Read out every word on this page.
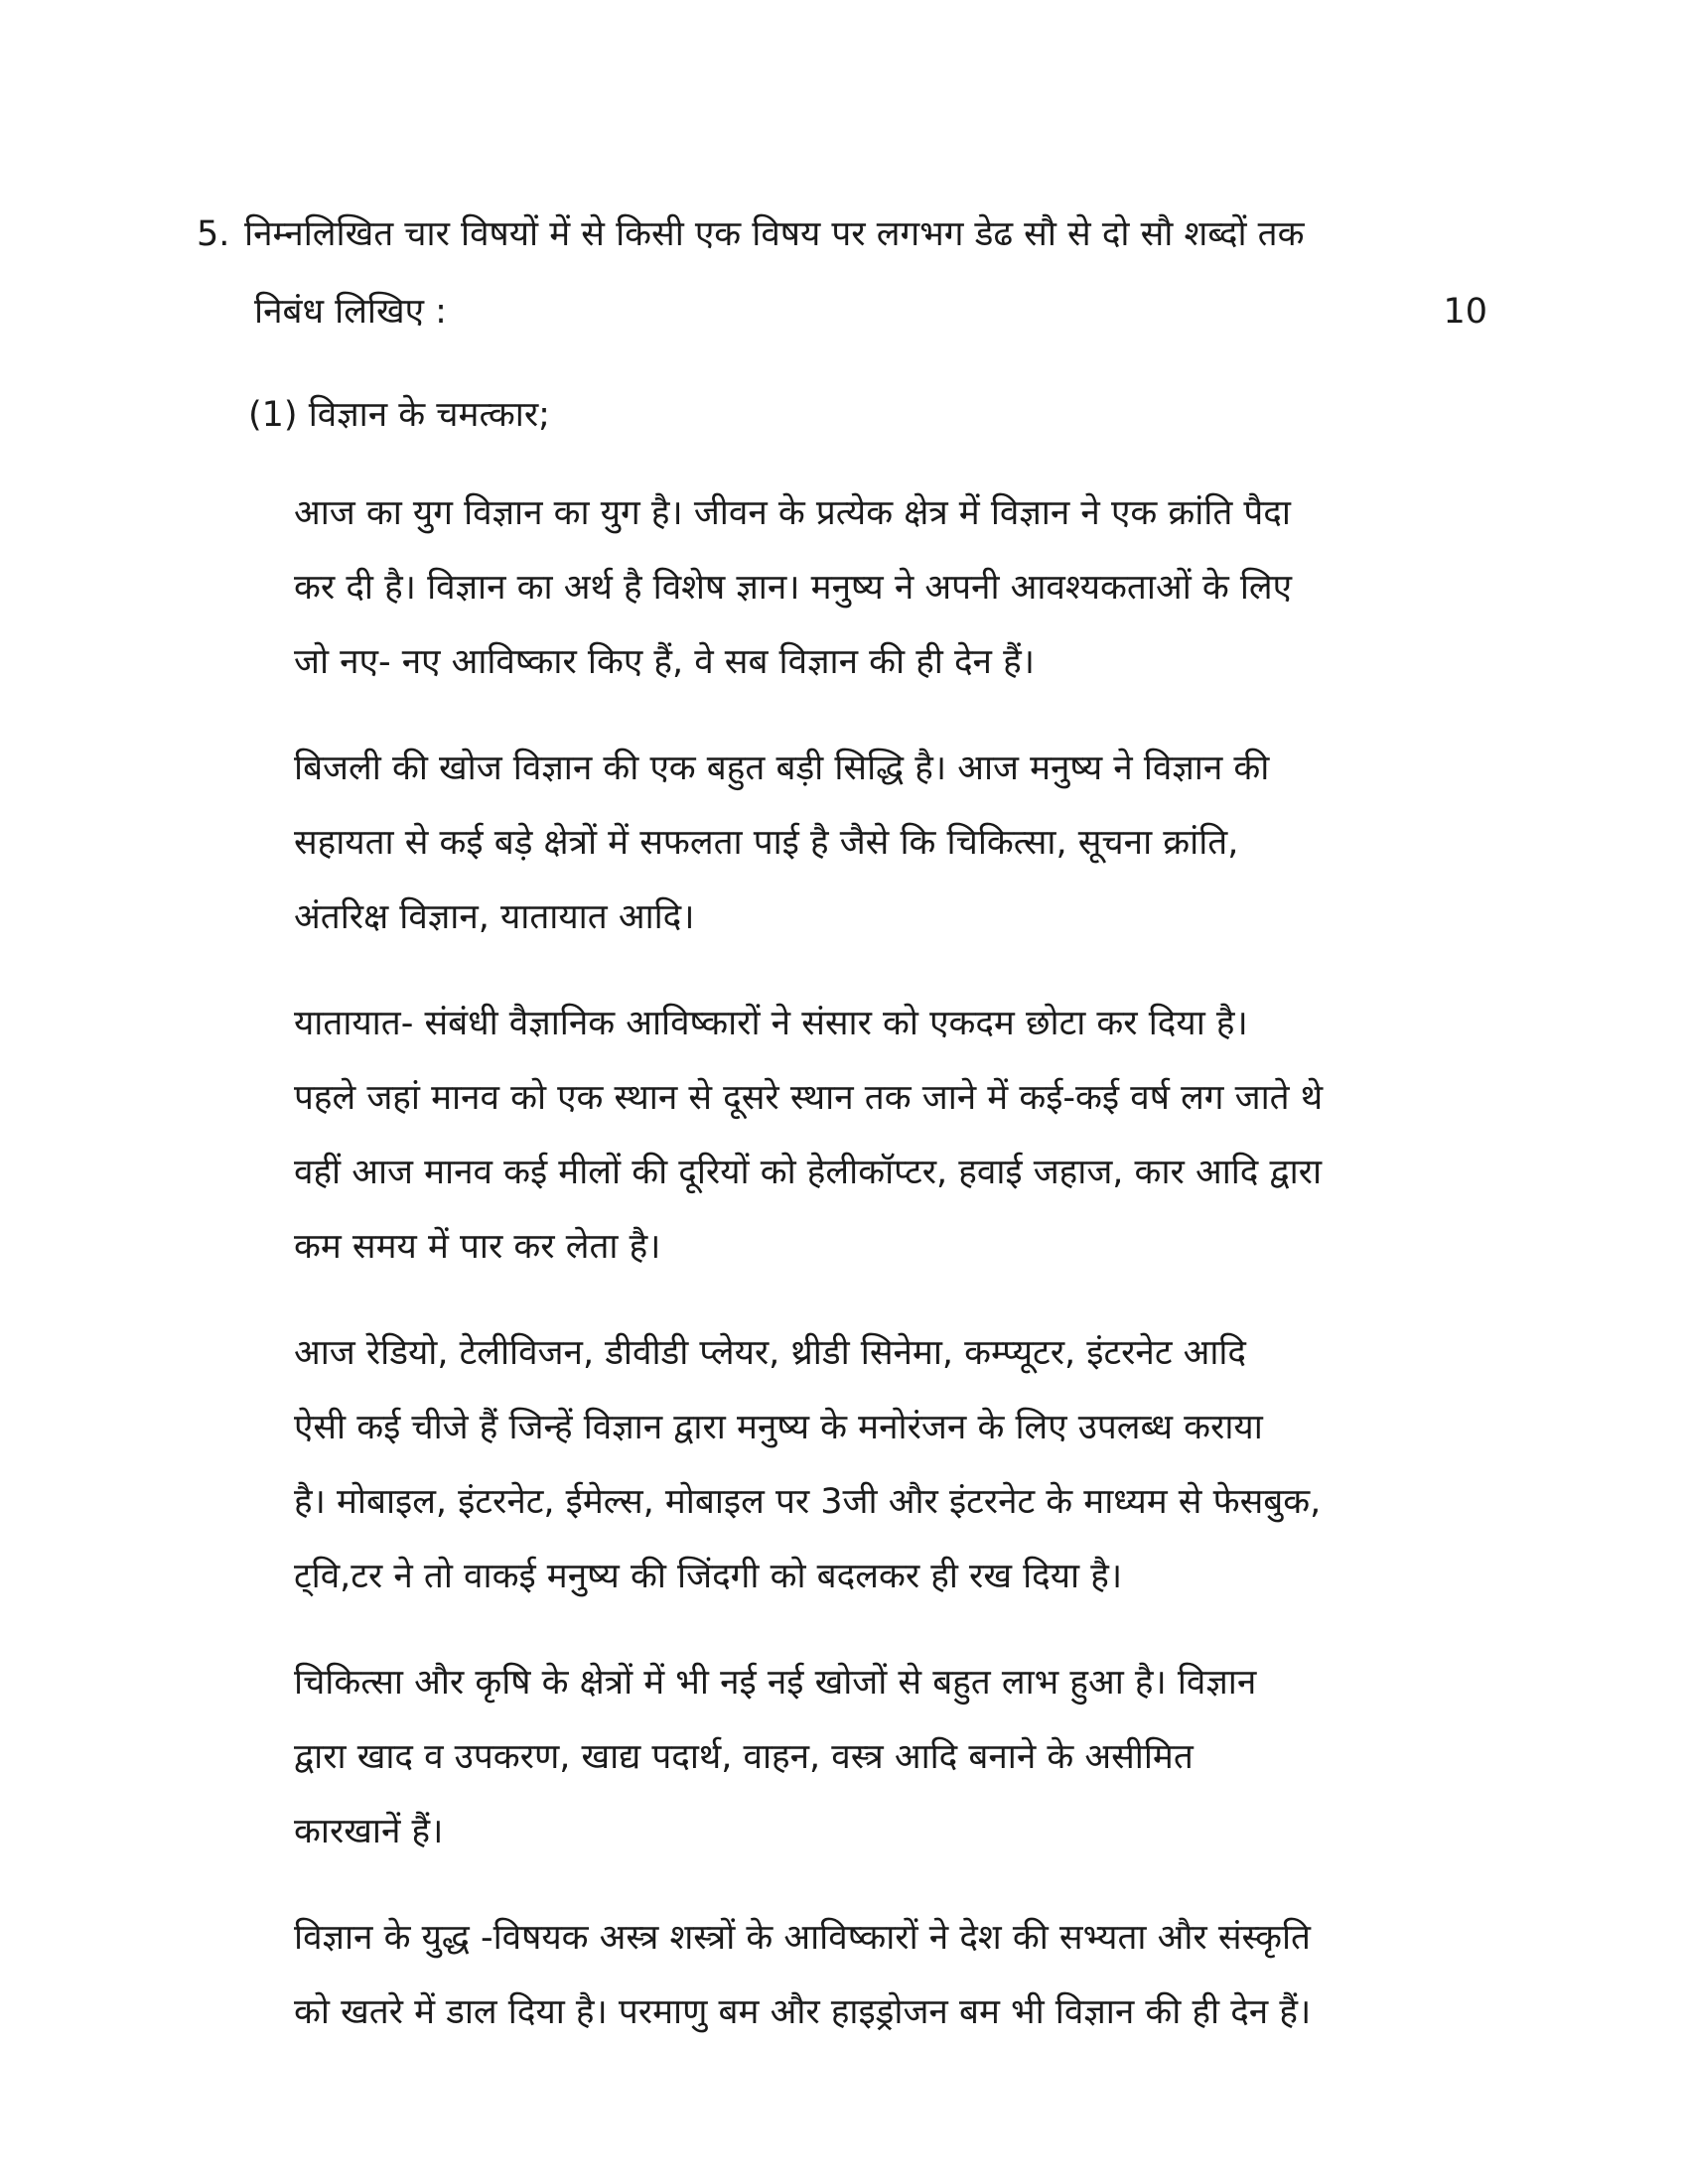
5. निम्नलिखित चार विषयों में से किसी एक विषय पर लगभग डेढ सौ से दो सौ शब्दों तक
निबंध लिखिए :	10
(1) विज्ञान के चमत्कार;

आज का युग विज्ञान का युग है। जीवन के प्रत्येक क्षेत्र में विज्ञान ने एक क्रांति पैदा
कर दी है। विज्ञान का अर्थ है विशेष ज्ञान। मनुष्य ने अपनी आवश्यकताओं के लिए
जो नए- नए आविष्कार किए हैं, वे सब विज्ञान की ही देन हैं।

बिजली की खोज विज्ञान की एक बहुत बड़ी सिद्धि है। आज मनुष्य ने विज्ञान की
सहायता से कई बड़े क्षेत्रों में सफलता पाई है जैसे कि चिकित्सा, सूचना क्रांति,
अंतरिक्ष विज्ञान, यातायात आदि।

यातायात- संबंधी वैज्ञानिक आविष्कारों ने संसार को एकदम छोटा कर दिया है।
पहले जहां मानव को एक स्थान से दूसरे स्थान तक जाने में कई-कई वर्ष लग जाते थे
वहीं आज मानव कई मीलों की दूरियों को हेलीकॉप्टर, हवाई जहाज, कार आदि द्वारा
कम समय में पार कर लेता है।

आज रेडियो, टेलीविजन, डीवीडी प्लेयर, थ्रीडी सिनेमा, कम्प्यूटर, इंटरनेट आदि
ऐसी कई चीजे हैं जिन्हें विज्ञान द्वारा मनुष्य के मनोरंजन के लिए उपलब्ध कराया
है। मोबाइल, इंटरनेट, ईमेल्स, मोबाइल पर 3जी और इंटरनेट के माध्यम से फेसबुक,
ट्वि,टर ने तो वाकई मनुष्य की जिंदगी को बदलकर ही रख दिया है।

चिकित्सा और कृषि के क्षेत्रों में भी नई नई खोजों से बहुत लाभ हुआ है। विज्ञान
द्वारा खाद व उपकरण, खाद्य पदार्थ, वाहन, वस्त्र आदि बनाने के असीमित
कारखानें हैं।

विज्ञान के युद्ध -विषयक अस्त्र शस्त्रों के आविष्कारों ने देश की सभ्यता और संस्कृति
को खतरे में डाल दिया है। परमाणु बम और हाइड्रोजन बम भी विज्ञान की ही देन हैं।
